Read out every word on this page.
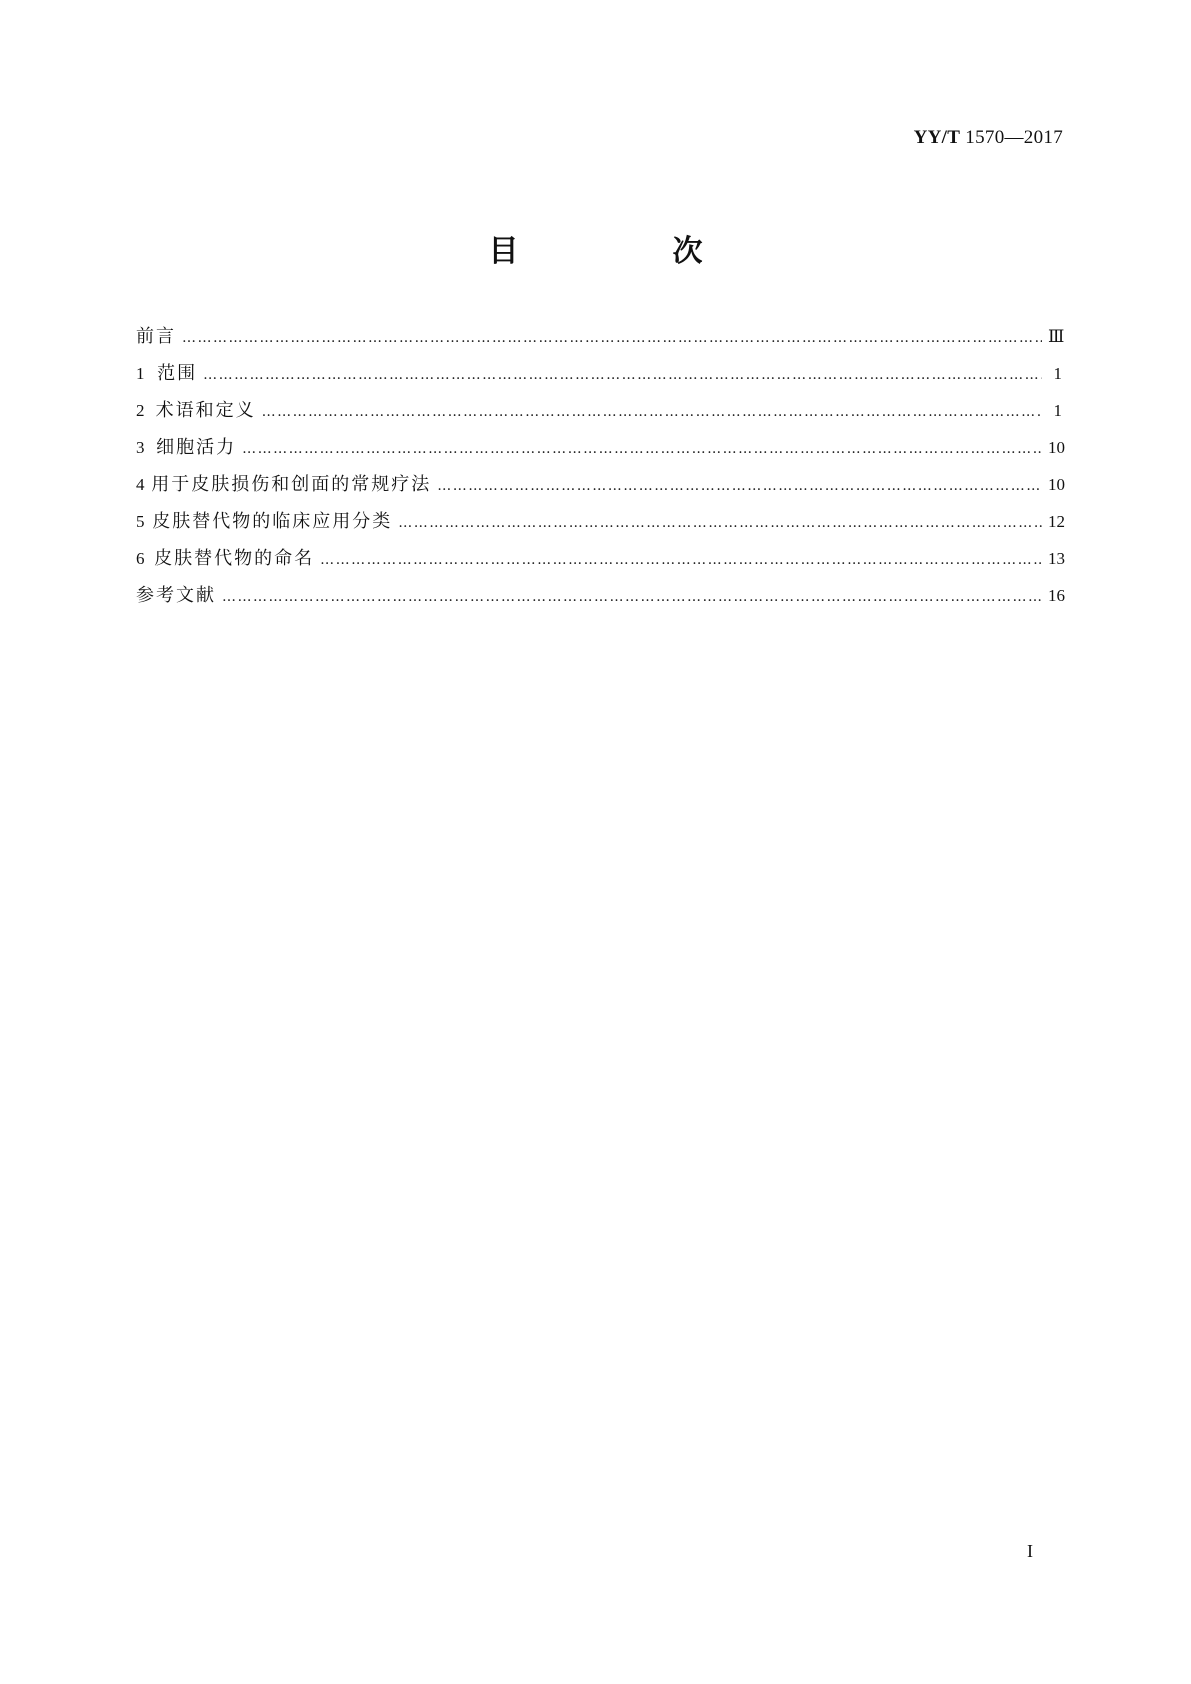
YY/T 1570—2017
目　次
前言 …………………………………………………………………………………………………………………………………………………………………………………………………………………………	Ⅲ
1 范围 …………………………………………………………………………………………………………………………………………………………………………………………………………………………	1
2 术语和定义 …………………………………………………………………………………………………………………………………………………………………………………………………………………………	1
3 细胞活力 …………………………………………………………………………………………………………………………………………………………………………………………………………………………	10
4 用于皮肤损伤和创面的常规疗法 …………………………………………………………………………………………………………………………………………………………………………………………………………………………	10
5 皮肤替代物的临床应用分类 …………………………………………………………………………………………………………………………………………………………………………………………………………………………	12
6 皮肤替代物的命名 …………………………………………………………………………………………………………………………………………………………………………………………………………………………	13
参考文献 …………………………………………………………………………………………………………………………………………………………………………………………………………………………	16
I
